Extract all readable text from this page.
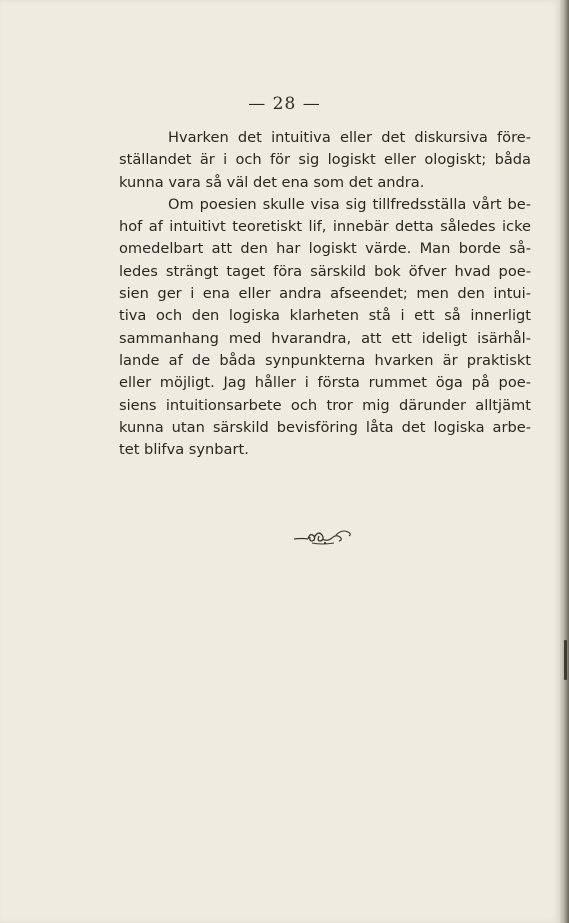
— 28 —
Hvarken det intuitiva eller det diskursiva före-
ställandet är i och för sig logiskt eller ologiskt; båda
kunna vara så väl det ena som det andra.
Om poesien skulle visa sig tillfredsställa vårt be-
hof af intuitivt teoretiskt lif, innebär detta således icke
omedelbart att den har logiskt värde. Man borde så-
ledes strängt taget föra särskild bok öfver hvad poe-
sien ger i ena eller andra afseendet; men den intui-
tiva och den logiska klarheten stå i ett så innerligt
sammanhang med hvarandra, att ett ideligt isärhål-
lande af de båda synpunkterna hvarken är praktiskt
eller möjligt. Jag håller i första rummet öga på poe-
siens intuitionsarbete och tror mig därunder alltjämt
kunna utan särskild bevisföring låta det logiska arbe-
tet blifva synbart.
